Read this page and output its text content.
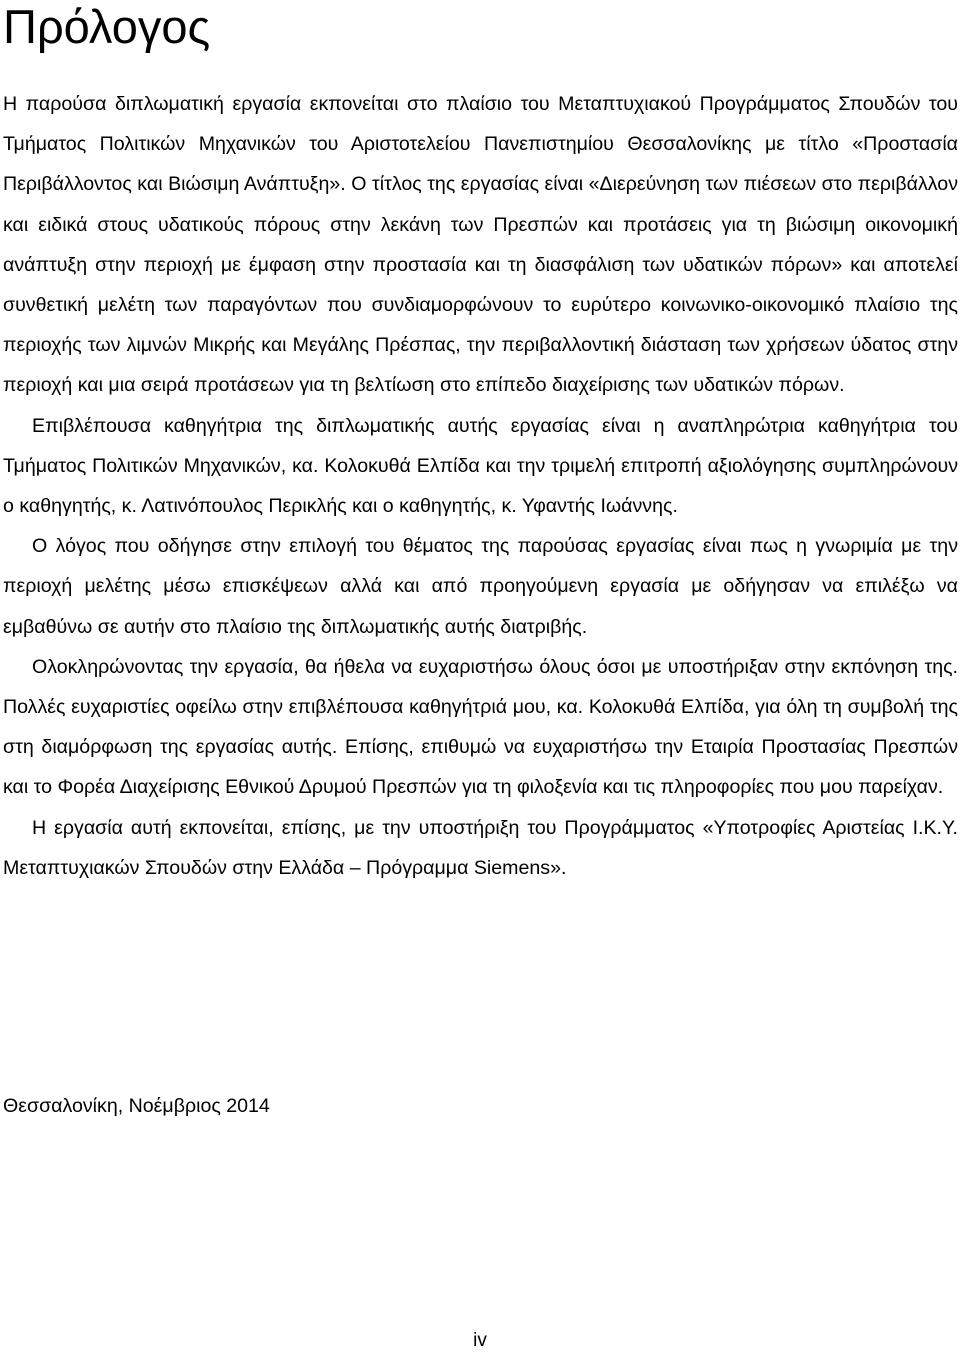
Πρόλογος

Η παρούσα διπλωματική εργασία εκπονείται στο πλαίσιο του Μεταπτυχιακού Προγράμματος Σπουδών του Τμήματος Πολιτικών Μηχανικών του Αριστοτελείου Πανεπιστημίου Θεσσαλονίκης με τίτλο «Προστασία Περιβάλλοντος και Βιώσιμη Ανάπτυξη». Ο τίτλος της εργασίας είναι «Διερεύνηση των πιέσεων στο περιβάλλον και ειδικά στους υδατικούς πόρους στην λεκάνη των Πρεσπών και προτάσεις για τη βιώσιμη οικονομική ανάπτυξη στην περιοχή με έμφαση στην προστασία και τη διασφάλιση των υδατικών πόρων» και αποτελεί συνθετική μελέτη των παραγόντων που συνδιαμορφώνουν το ευρύτερο κοινωνικο-οικονομικό πλαίσιο της περιοχής των λιμνών Μικρής και Μεγάλης Πρέσπας, την περιβαλλοντική διάσταση των χρήσεων ύδατος στην περιοχή και μια σειρά προτάσεων για τη βελτίωση στο επίπεδο διαχείρισης των υδατικών πόρων.

Επιβλέπουσα καθηγήτρια της διπλωματικής αυτής εργασίας είναι η αναπληρώτρια καθηγήτρια του Τμήματος Πολιτικών Μηχανικών, κα. Κολοκυθά Ελπίδα και την τριμελή επιτροπή αξιολόγησης συμπληρώνουν ο καθηγητής, κ. Λατινόπουλος Περικλής και ο καθηγητής, κ. Υφαντής Ιωάννης.

Ο λόγος που οδήγησε στην επιλογή του θέματος της παρούσας εργασίας είναι πως η γνωριμία με την περιοχή μελέτης μέσω επισκέψεων αλλά και από προηγούμενη εργασία με οδήγησαν να επιλέξω να εμβαθύνω σε αυτήν στο πλαίσιο της διπλωματικής αυτής διατριβής.

Ολοκληρώνοντας την εργασία, θα ήθελα να ευχαριστήσω όλους όσοι με υποστήριξαν στην εκπόνηση της. Πολλές ευχαριστίες οφείλω στην επιβλέπουσα καθηγήτριά μου, κα. Κολοκυθά Ελπίδα, για όλη τη συμβολή της στη διαμόρφωση της εργασίας αυτής. Επίσης, επιθυμώ να ευχαριστήσω την Εταιρία Προστασίας Πρεσπών και το Φορέα Διαχείρισης Εθνικού Δρυμού Πρεσπών για τη φιλοξενία και τις πληροφορίες που μου παρείχαν.

Η εργασία αυτή εκπονείται, επίσης, με την υποστήριξη του Προγράμματος «Υποτροφίες Αριστείας Ι.Κ.Υ. Μεταπτυχιακών Σπουδών στην Ελλάδα – Πρόγραμμα Siemens».

Θεσσαλονίκη, Νοέμβριος 2014

iv
